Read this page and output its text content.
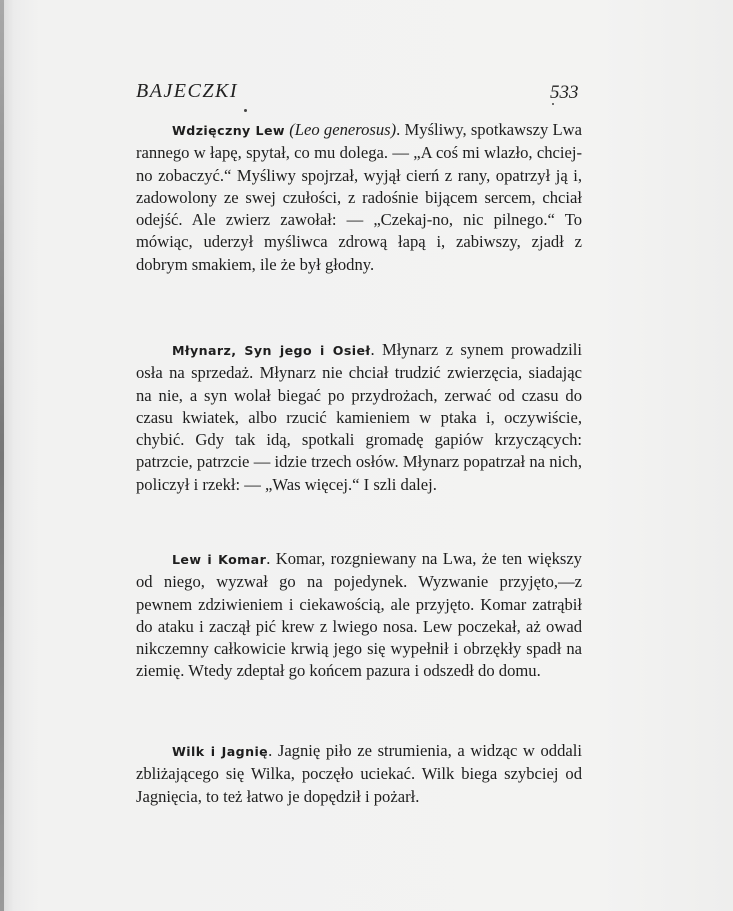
BAJECZKI	533

Wdzięczny Lew (Leo generosus). Myśliwy, spotkawszy Lwa rannego w łapę, spytał, co mu dolega. — „A coś mi wlazło, chciej-no zobaczyć.“ Myśliwy spojrzał, wyjął cierń z rany, opatrzył ją i, zadowolony ze swej czułości, z radośnie bijącem sercem, chciał odejść. Ale zwierz zawołał: — „Czekaj-no, nic pilnego.“ To mówiąc, uderzył myśliwca zdrową łapą i, zabiwszy, zjadł z dobrym smakiem, ile że był głodny.

Młynarz, Syn jego i Osieł. Młynarz z synem prowadzili osła na sprzedaż. Młynarz nie chciał trudzić zwierzęcia, siadając na nie, a syn wolał biegać po przydrożach, zerwać od czasu do czasu kwiatek, albo rzucić kamieniem w ptaka i, oczywiście, chybić. Gdy tak idą, spotkali gromadę gapiów krzyczących: patrzcie, patrzcie — idzie trzech osłów. Młynarz popatrzał na nich, policzył i rzekł: — „Was więcej.“ I szli dalej.

Lew i Komar. Komar, rozgniewany na Lwa, że ten większy od niego, wyzwał go na pojedynek. Wyzwanie przyjęto,—z pewnem zdziwieniem i ciekawością, ale przyjęto. Komar zatrąbił do ataku i zaczął pić krew z lwiego nosa. Lew poczekał, aż owad nikczemny całkowicie krwią jego się wypełnił i obrzękły spadł na ziemię. Wtedy zdeptał go końcem pazura i odszedł do domu.

Wilk i Jagnię. Jagnię piło ze strumienia, a widząc w oddali zbliżającego się Wilka, poczęło uciekać. Wilk biega szybciej od Jagnięcia, to też łatwo je dopędził i pożarł.
